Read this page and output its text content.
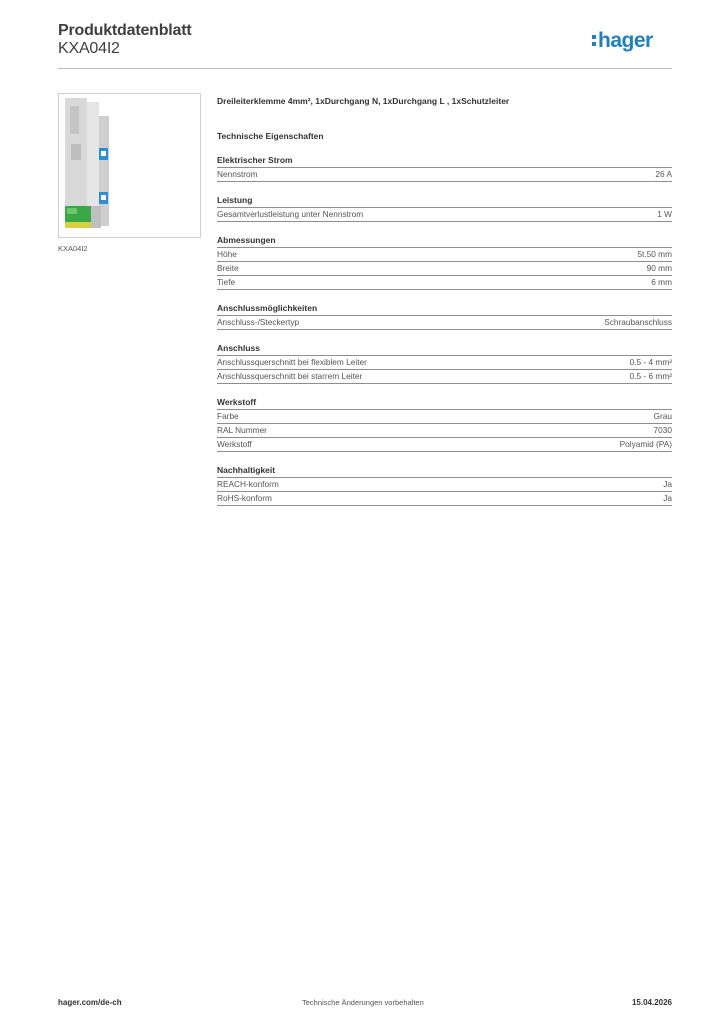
Produktdatenblatt
KXA04I2	hager
KXA04I2
Dreileiterklemme 4mm², 1xDurchgang N, 1xDurchgang L , 1xSchutzleiter
Technische Eigenschaften
Elektrischer Strom
Nennstrom	26 A
Leistung
Gesamtverlustleistung unter Nennstrom	1 W
Abmessungen
Höhe	5t.50 mm
Breite	90 mm
Tiefe	6 mm
Anschlussmöglichkeiten
Anschluss-/Steckertyp	Schraubanschluss
Anschluss
Anschlussquerschnitt bei flexiblem Leiter	0.5 - 4 mm²
Anschlussquerschnitt bei starrem Leiter	0.5 - 6 mm²
Werkstoff
Farbe	Grau
RAL Nummer	7030
Werkstoff	Polyamid (PA)
Nachhaltigkeit
REACH-konform	Ja
RoHS-konform	Ja
hager.com/de-ch	Technische Änderungen vorbehalten	15.04.2026
